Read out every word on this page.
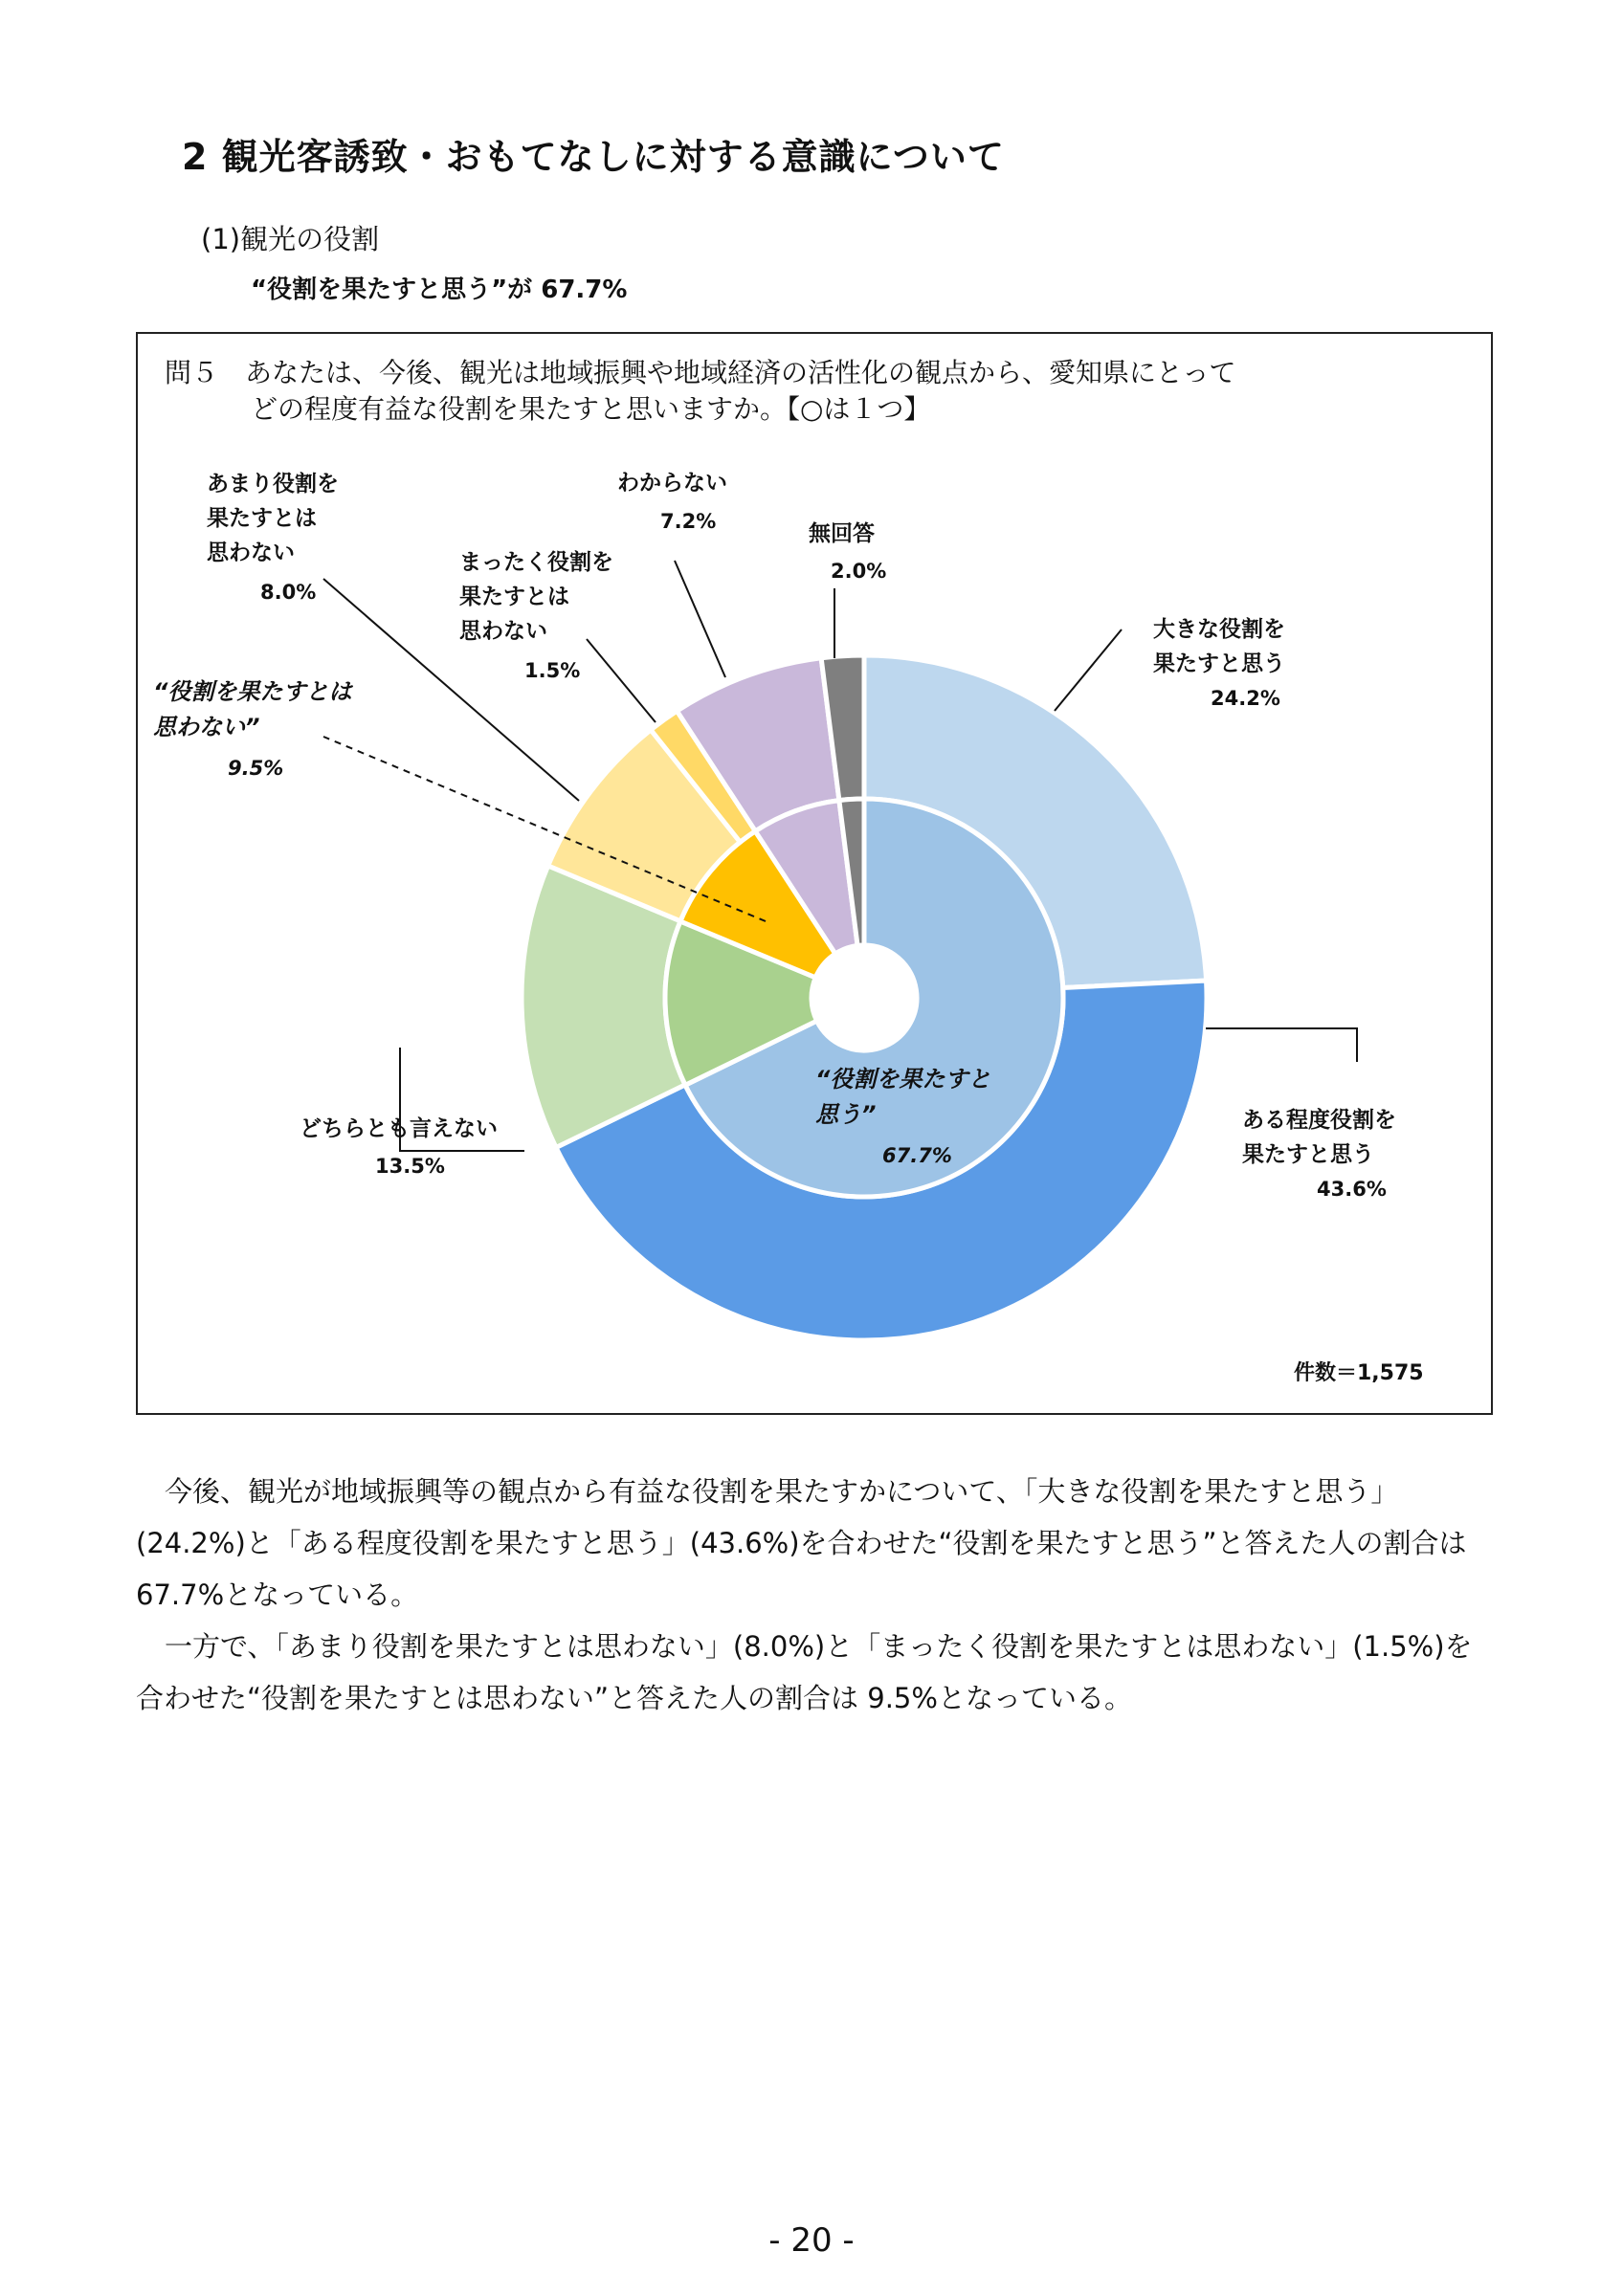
2 観光客誘致・おもてなしに対する意識について
(1)観光の役割
“役割を果たすと思う”が 67.7%
問５　あなたは、今後、観光は地域振興や地域経済の活性化の観点から、愛知県にとって
どの程度有益な役割を果たすと思いますか。【○は１つ】
大きな役割を
果たすと思う
24.2%
ある程度役割を
果たすと思う
43.6%
どちらとも言えない
13.5%
あまり役割を
果たすとは
思わない
8.0%
まったく役割を
果たすとは
思わない
1.5%
わからない
7.2%	無回答
2.0%
“役割を果たすとは
思わない”
9.5%
“役割を果たすと
思う”
67.7%
件数＝1,575

今後、観光が地域振興等の観点から有益な役割を果たすかについて、「大きな役割を果たすと思う」(24.2%)と「ある程度役割を果たすと思う」(43.6%)を合わせた“役割を果たすと思う”と答えた人の割合は 67.7%となっている。

一方で、「あまり役割を果たすとは思わない」(8.0%)と「まったく役割を果たすとは思わない」(1.5%)を合わせた“役割を果たすとは思わない”と答えた人の割合は 9.5%となっている。

- 20 -
